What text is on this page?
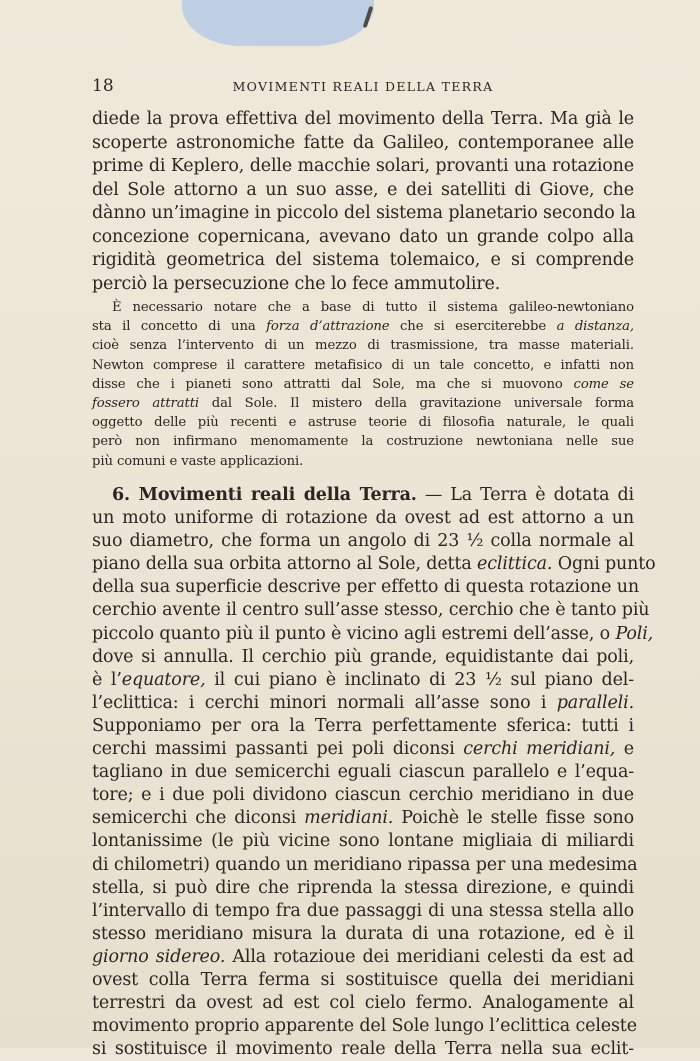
18	MOVIMENTI REALI DELLA TERRA
diede la prova effettiva del movimento della Terra. Ma già le
scoperte astronomiche fatte da Galileo, contemporanee alle
prime di Keplero, delle macchie solari, provanti una rotazione
del Sole attorno a un suo asse, e dei satelliti di Giove, che
dànno un’imagine in piccolo del sistema planetario secondo la
concezione copernicana, avevano dato un grande colpo alla
rigidità geometrica del sistema tolemaico, e si comprende
perciò la persecuzione che lo fece ammutolire.
È necessario notare che a base di tutto il sistema galileo-newtoniano
sta il concetto di una forza d’attrazione che si eserciterebbe a distanza,
cioè senza l’intervento di un mezzo di trasmissione, tra masse materiali.
Newton comprese il carattere metafisico di un tale concetto, e infatti non
disse che i pianeti sono attratti dal Sole, ma che si muovono come se
fossero attratti dal Sole. Il mistero della gravitazione universale forma
oggetto delle più recenti e astruse teorie di filosofia naturale, le quali
però non infirmano menomamente la costruzione newtoniana nelle sue
più comuni e vaste applicazioni.
6. Movimenti reali della Terra. — La Terra è dotata di
un moto uniforme di rotazione da ovest ad est attorno a un
suo diametro, che forma un angolo di 23 ½ colla normale al
piano della sua orbita attorno al Sole, detta eclittica. Ogni punto
della sua superficie descrive per effetto di questa rotazione un
cerchio avente il centro sull’asse stesso, cerchio che è tanto più
piccolo quanto più il punto è vicino agli estremi dell’asse, o Poli,
dove si annulla. Il cerchio più grande, equidistante dai poli,
è l’equatore, il cui piano è inclinato di 23 ½ sul piano del-
l’eclittica: i cerchi minori normali all’asse sono i paralleli.
Supponiamo per ora la Terra perfettamente sferica: tutti i
cerchi massimi passanti pei poli diconsi cerchi meridiani, e
tagliano in due semicerchi eguali ciascun parallelo e l’equa-
tore; e i due poli dividono ciascun cerchio meridiano in due
semicerchi che diconsi meridiani. Poichè le stelle fisse sono
lontanissime (le più vicine sono lontane migliaia di miliardi
di chilometri) quando un meridiano ripassa per una medesima
stella, si può dire che riprenda la stessa direzione, e quindi
l’intervallo di tempo fra due passaggi di una stessa stella allo
stesso meridiano misura la durata di una rotazione, ed è il
giorno sidereo. Alla rotazioue dei meridiani celesti da est ad
ovest colla Terra ferma si sostituisce quella dei meridiani
terrestri da ovest ad est col cielo fermo. Analogamente al
movimento proprio apparente del Sole lungo l’eclittica celeste
si sostituisce il movimento reale della Terra nella sua eclit-
